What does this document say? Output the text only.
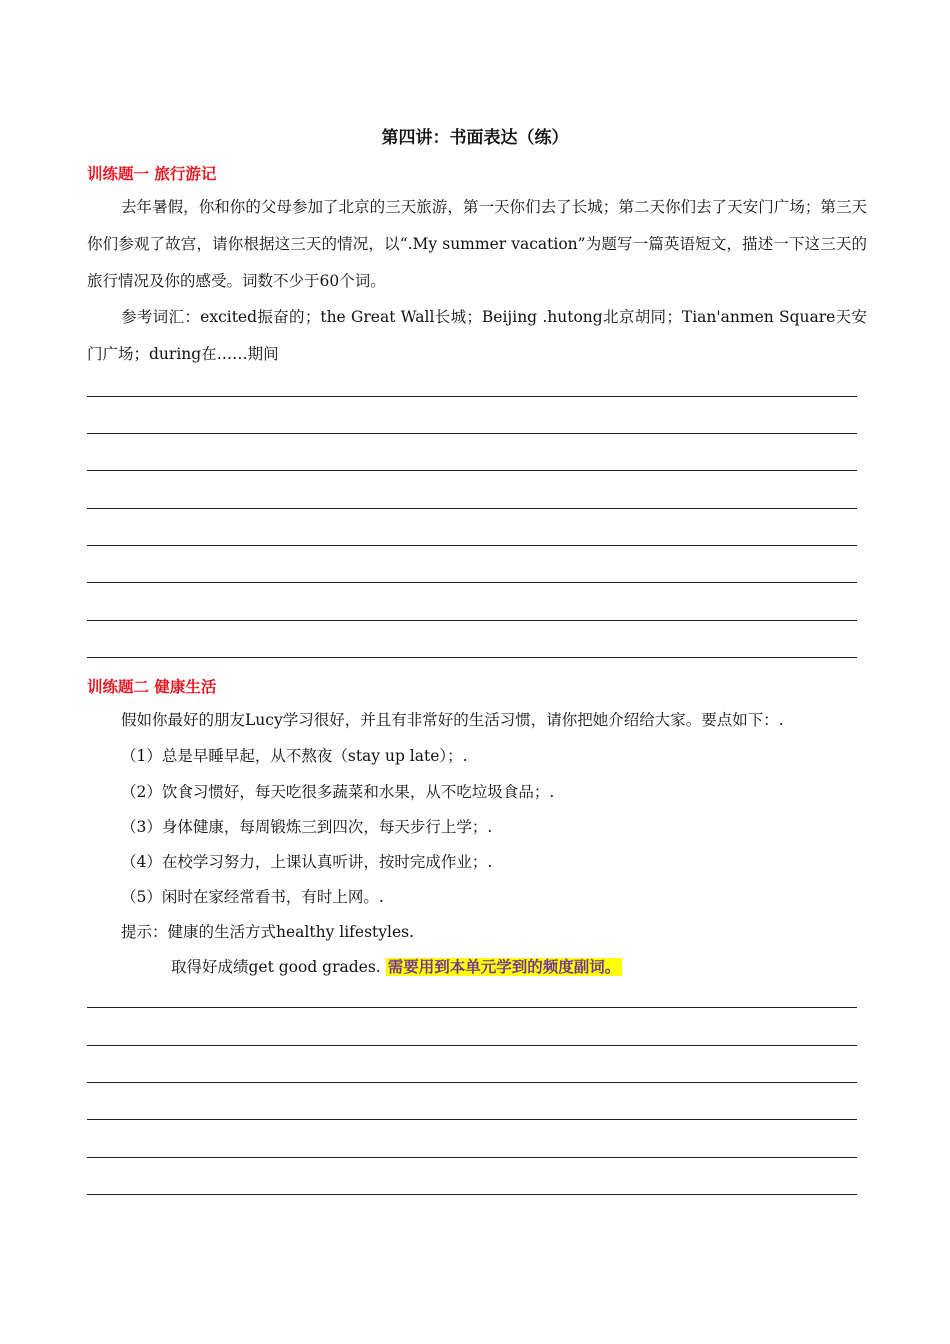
第四讲：书面表达（练）
训练题一 旅行游记
去年暑假，你和你的父母参加了北京的三天旅游，第一天你们去了长城；第二天你们去了天安门广场；第三天你们参观了故宫，请你根据这三天的情况，以“.My summer vacation”为题写一篇英语短文，描述一下这三天的旅行情况及你的感受。词数不少于60个词。
参考词汇：excited振奋的；the Great Wall长城；Beijing .hutong北京胡同；Tian'anmen Square天安门广场；during在……期间
训练题二 健康生活
假如你最好的朋友Lucy学习很好，并且有非常好的生活习惯，请你把她介绍给大家。要点如下：.
（1）总是早睡早起，从不熬夜（stay up late）；.
（2）饮食习惯好，每天吃很多蔬菜和水果，从不吃垃圾食品；.
（3）身体健康，每周锻炼三到四次，每天步行上学；.
（4）在校学习努力，上课认真听讲，按时完成作业；.
（5）闲时在家经常看书，有时上网。.
提示：健康的生活方式healthy lifestyles.
取得好成绩get good grades. 需要用到本单元学到的频度副词。
